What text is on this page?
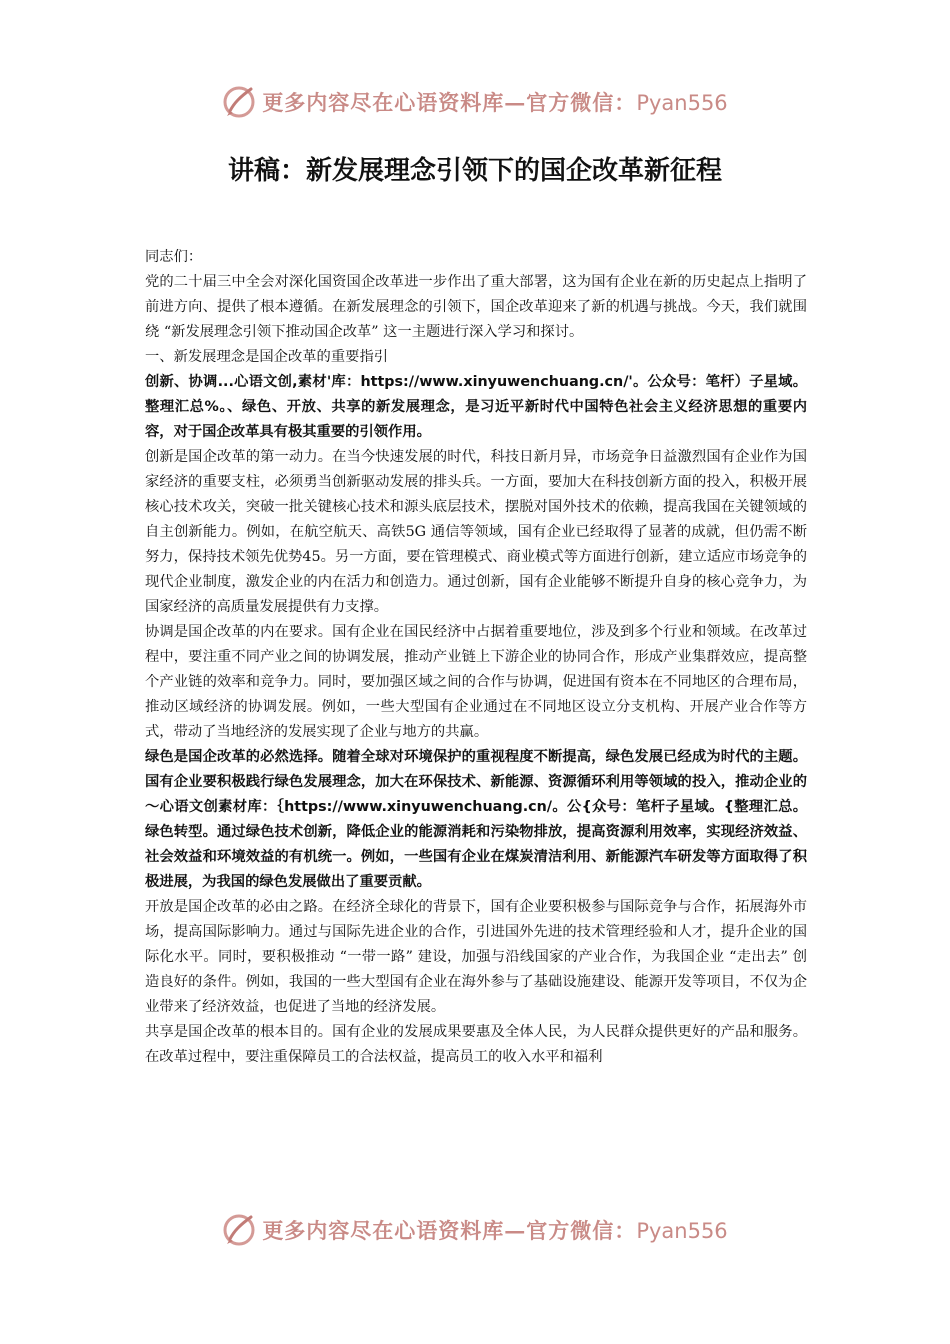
更多内容尽在心语资料库—官方微信：Pyan556
讲稿：新发展理念引领下的国企改革新征程

同志们：

党的二十届三中全会对深化国资国企改革进一步作出了重大部署，这为国有企业在新的历史起点上指明了前进方向、提供了根本遵循。在新发展理念的引领下，国企改革迎来了新的机遇与挑战。今天，我们就围绕 “新发展理念引领下推动国企改革” 这一主题进行深入学习和探讨。

一、新发展理念是国企改革的重要指引

创新、协调...心语文创,素材'库：https://www.xinyuwenchuang.cn/'。公众号：笔杆）子星域。整理汇总%。、绿色、开放、共享的新发展理念，是习近平新时代中国特色社会主义经济思想的重要内容，对于国企改革具有极其重要的引领作用。

创新是国企改革的第一动力。在当今快速发展的时代，科技日新月异，市场竞争日益激烈国有企业作为国家经济的重要支柱，必须勇当创新驱动发展的排头兵。一方面，要加大在科技创新方面的投入，积极开展核心技术攻关，突破一批关键核心技术和源头底层技术，摆脱对国外技术的依赖，提高我国在关键领域的自主创新能力。例如，在航空航天、高铁5G 通信等领域，国有企业已经取得了显著的成就，但仍需不断努力，保持技术领先优势45。另一方面，要在管理模式、商业模式等方面进行创新，建立适应市场竞争的现代企业制度，激发企业的内在活力和创造力。通过创新，国有企业能够不断提升自身的核心竞争力，为国家经济的高质量发展提供有力支撑。

协调是国企改革的内在要求。国有企业在国民经济中占据着重要地位，涉及到多个行业和领域。在改革过程中，要注重不同产业之间的协调发展，推动产业链上下游企业的协同合作，形成产业集群效应，提高整个产业链的效率和竞争力。同时，要加强区域之间的合作与协调，促进国有资本在不同地区的合理布局，推动区域经济的协调发展。例如，一些大型国有企业通过在不同地区设立分支机构、开展产业合作等方式，带动了当地经济的发展实现了企业与地方的共赢。

绿色是国企改革的必然选择。随着全球对环境保护的重视程度不断提高，绿色发展已经成为时代的主题。国有企业要积极践行绿色发展理念，加大在环保技术、新能源、资源循环利用等领域的投入，推动企业的～心语文创素材库：｛https://www.xinyuwenchuang.cn/。公{众号：笔杆子星域。{整理汇总。绿色转型。通过绿色技术创新，降低企业的能源消耗和污染物排放，提高资源利用效率，实现经济效益、社会效益和环境效益的有机统一。例如，一些国有企业在煤炭清洁利用、新能源汽车研发等方面取得了积极进展，为我国的绿色发展做出了重要贡献。

开放是国企改革的必由之路。在经济全球化的背景下，国有企业要积极参与国际竞争与合作，拓展海外市场，提高国际影响力。通过与国际先进企业的合作，引进国外先进的技术管理经验和人才，提升企业的国际化水平。同时，要积极推动 “一带一路” 建设，加强与沿线国家的产业合作，为我国企业 “走出去” 创造良好的条件。例如，我国的一些大型国有企业在海外参与了基础设施建设、能源开发等项目，不仅为企业带来了经济效益，也促进了当地的经济发展。

共享是国企改革的根本目的。国有企业的发展成果要惠及全体人民，为人民群众提供更好的产品和服务。在改革过程中，要注重保障员工的合法权益，提高员工的收入水平和福利

更多内容尽在心语资料库—官方微信：Pyan556
